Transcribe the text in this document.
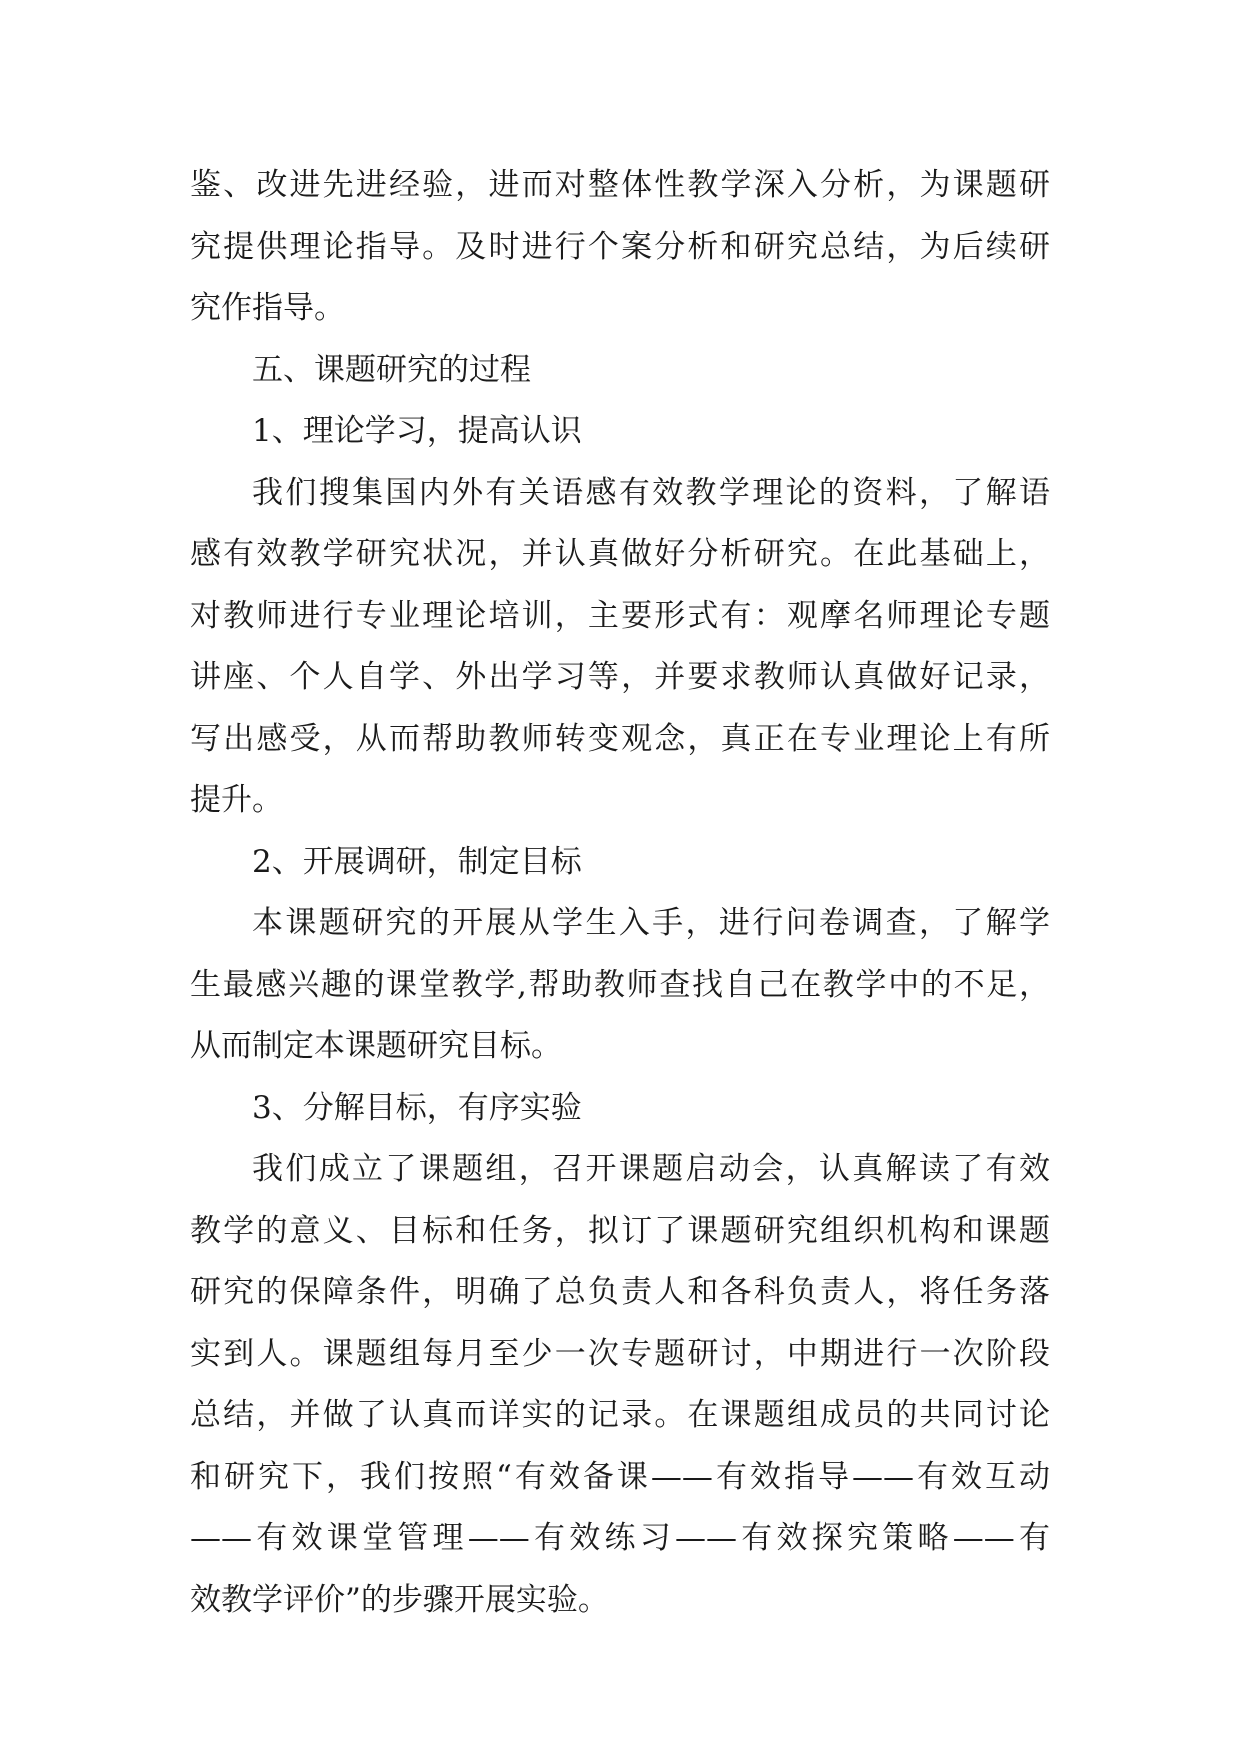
鉴、改进先进经验，进而对整体性教学深入分析，为课题研
究提供理论指导。及时进行个案分析和研究总结，为后续研
究作指导。
五、课题研究的过程
1、理论学习，提高认识
我们搜集国内外有关语感有效教学理论的资料，了解语
感有效教学研究状况，并认真做好分析研究。在此基础上，
对教师进行专业理论培训，主要形式有：观摩名师理论专题
讲座、个人自学、外出学习等，并要求教师认真做好记录，
写出感受，从而帮助教师转变观念，真正在专业理论上有所
提升。
2、开展调研，制定目标
本课题研究的开展从学生入手，进行问卷调查，了解学
生最感兴趣的课堂教学,帮助教师查找自己在教学中的不足，
从而制定本课题研究目标。
3、分解目标，有序实验
我们成立了课题组，召开课题启动会，认真解读了有效
教学的意义、目标和任务，拟订了课题研究组织机构和课题
研究的保障条件，明确了总负责人和各科负责人，将任务落
实到人。课题组每月至少一次专题研讨，中期进行一次阶段
总结，并做了认真而详实的记录。在课题组成员的共同讨论
和研究下，我们按照“有效备课——有效指导——有效互动
——有效课堂管理——有效练习——有效探究策略——有
效教学评价”的步骤开展实验。
